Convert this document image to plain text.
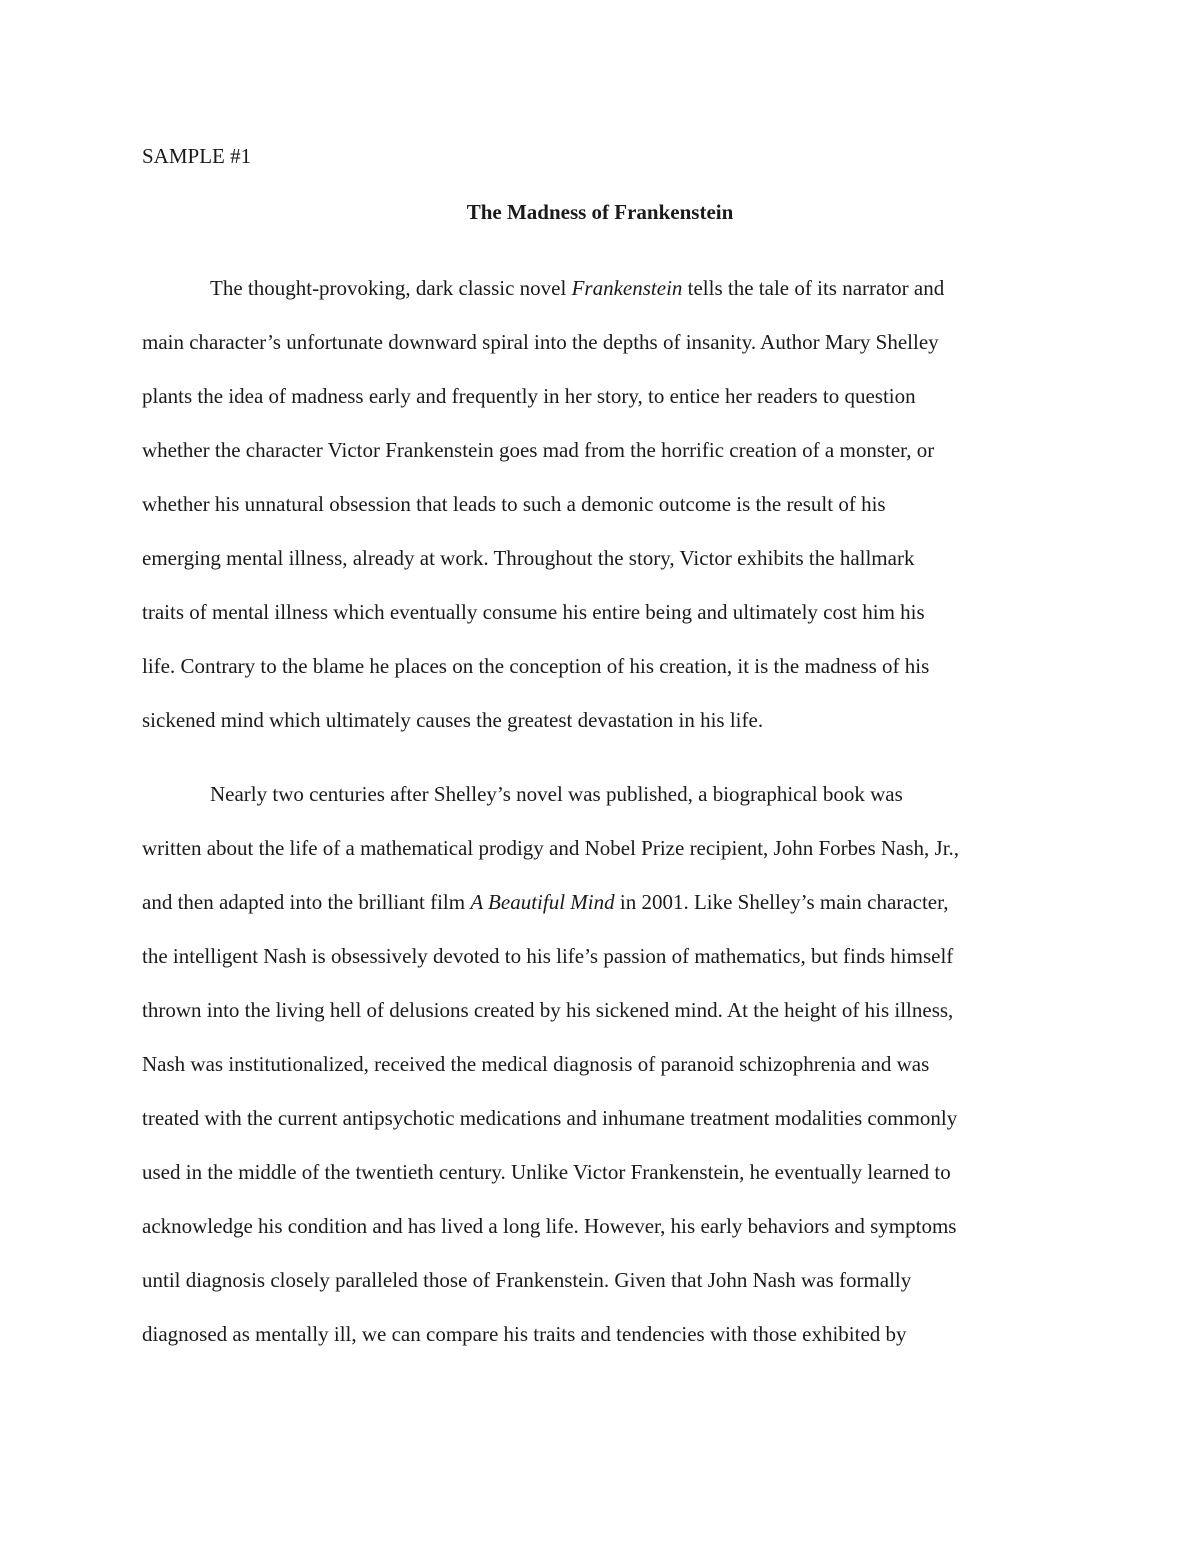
SAMPLE #1
The Madness of Frankenstein
The thought-provoking, dark classic novel Frankenstein tells the tale of its narrator and
main character’s unfortunate downward spiral into the depths of insanity. Author Mary Shelley
plants the idea of madness early and frequently in her story, to entice her readers to question
whether the character Victor Frankenstein goes mad from the horrific creation of a monster, or
whether his unnatural obsession that leads to such a demonic outcome is the result of his
emerging mental illness, already at work. Throughout the story, Victor exhibits the hallmark
traits of mental illness which eventually consume his entire being and ultimately cost him his
life. Contrary to the blame he places on the conception of his creation, it is the madness of his
sickened mind which ultimately causes the greatest devastation in his life.
Nearly two centuries after Shelley’s novel was published, a biographical book was
written about the life of a mathematical prodigy and Nobel Prize recipient, John Forbes Nash, Jr.,
and then adapted into the brilliant film A Beautiful Mind in 2001. Like Shelley’s main character,
the intelligent Nash is obsessively devoted to his life’s passion of mathematics, but finds himself
thrown into the living hell of delusions created by his sickened mind. At the height of his illness,
Nash was institutionalized, received the medical diagnosis of paranoid schizophrenia and was
treated with the current antipsychotic medications and inhumane treatment modalities commonly
used in the middle of the twentieth century. Unlike Victor Frankenstein, he eventually learned to
acknowledge his condition and has lived a long life. However, his early behaviors and symptoms
until diagnosis closely paralleled those of Frankenstein. Given that John Nash was formally
diagnosed as mentally ill, we can compare his traits and tendencies with those exhibited by
